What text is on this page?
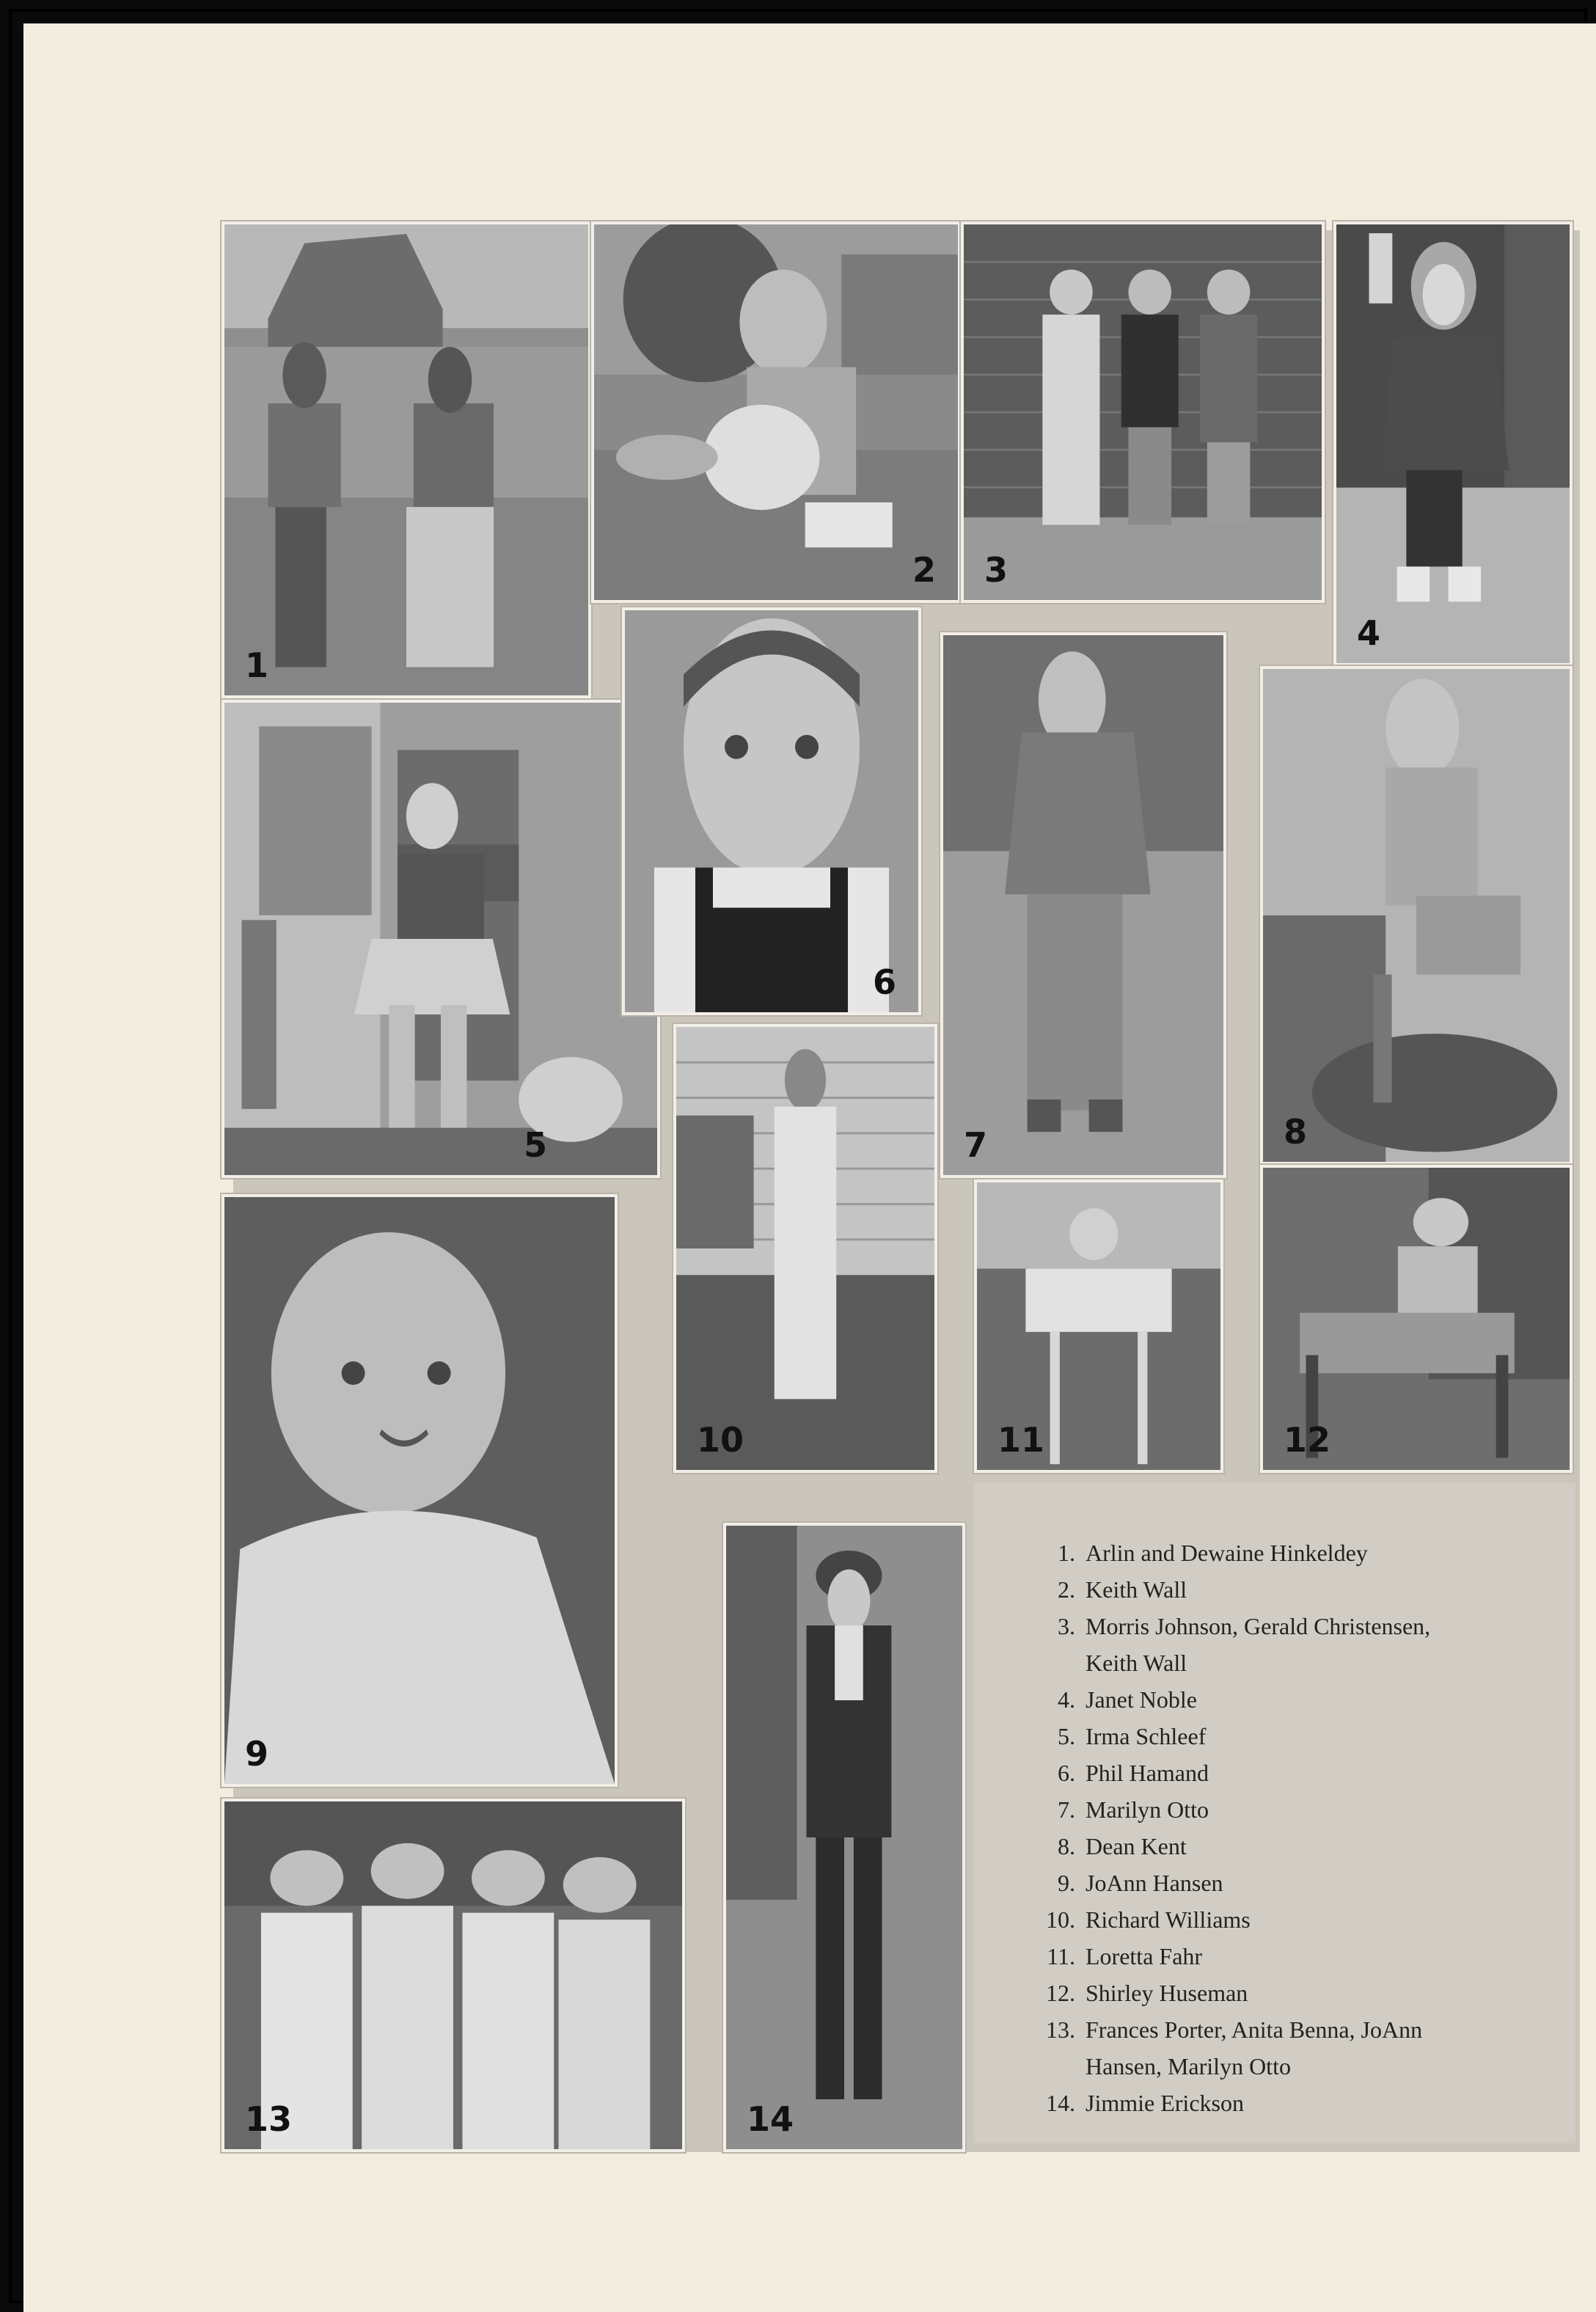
1
2 3
4
5
6
7	8
9
10	11	12
13	14
1. Arlin and Dewaine Hinkeldey
2. Keith Wall
3. Morris Johnson, Gerald Christensen,
Keith Wall
4. Janet Noble
5. Irma Schleef
6. Phil Hamand
7. Marilyn Otto
8. Dean Kent
9. JoAnn Hansen
10. Richard Williams
11. Loretta Fahr
12. Shirley Huseman
13. Frances Porter, Anita Benna, JoAnn
Hansen, Marilyn Otto
14. Jimmie Erickson
